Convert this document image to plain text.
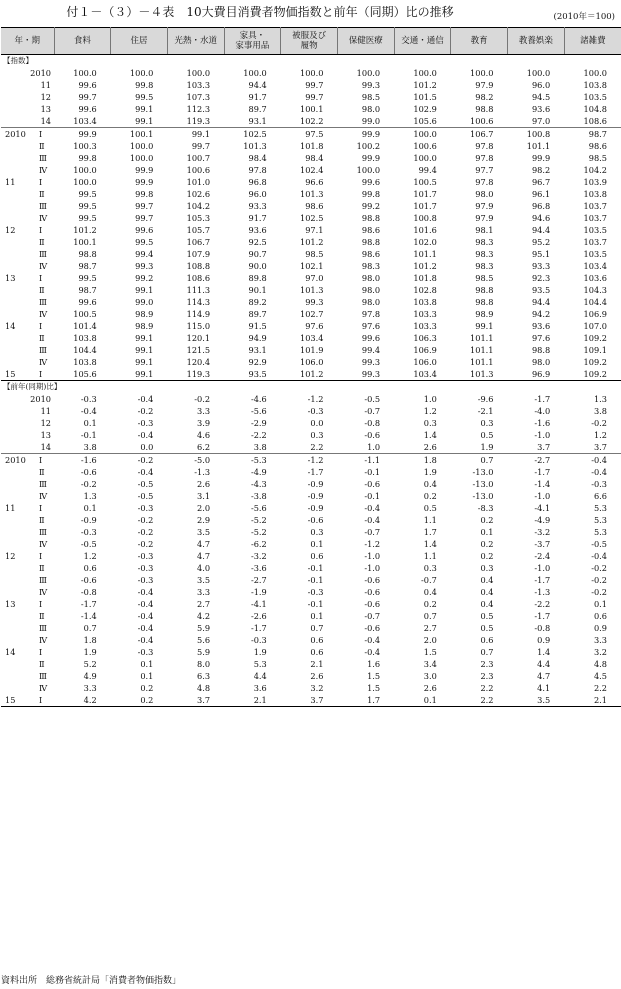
付１－（３）－４表　10大費目消費者物価指数と前年（同期）比の推移	(2010年＝100)
年・期	食料	住居	光熱・水道	家具・
家事用品	被服及び
履物	保健医療	交通・通信	教育	教養娯楽	諸雑費
【指数】										

2010	100.0	100.0	100.0	100.0	100.0	100.0	100.0	100.0	100.0	100.0

11	99.6	99.8	103.3	94.4	99.7	99.3	101.2	97.9	96.0	103.8

12	99.7	99.5	107.3	91.7	99.7	98.5	101.5	98.2	94.5	103.5

13	99.6	99.1	112.3	89.7	100.1	98.0	102.9	98.8	93.6	104.8

14	103.4	99.1	119.3	93.1	102.2	99.0	105.6	100.6	97.0	108.6

2010 Ⅰ	99.9	100.1	99.1	102.5	97.5	99.9	100.0	106.7	100.8	98.7

Ⅱ	100.3	100.0	99.7	101.3	101.8	100.2	100.6	97.8	101.1	98.6

Ⅲ	99.8	100.0	100.7	98.4	98.4	99.9	100.0	97.8	99.9	98.5

Ⅳ	100.0	99.9	100.6	97.8	102.4	100.0	99.4	97.7	98.2	104.2

11 Ⅰ	100.0	99.9	101.0	96.8	96.6	99.6	100.5	97.8	96.7	103.9

Ⅱ	99.5	99.8	102.6	96.0	101.3	99.8	101.7	98.0	96.1	103.8

Ⅲ	99.5	99.7	104.2	93.3	98.6	99.2	101.7	97.9	96.8	103.7

Ⅳ	99.5	99.7	105.3	91.7	102.5	98.8	100.8	97.9	94.6	103.7

12 Ⅰ	101.2	99.6	105.7	93.6	97.1	98.6	101.6	98.1	94.4	103.5

Ⅱ	100.1	99.5	106.7	92.5	101.2	98.8	102.0	98.3	95.2	103.7

Ⅲ	98.8	99.4	107.9	90.7	98.5	98.6	101.1	98.3	95.1	103.5

Ⅳ	98.7	99.3	108.8	90.0	102.1	98.3	101.2	98.3	93.3	103.4

13 Ⅰ	99.5	99.2	108.6	89.8	97.0	98.0	101.8	98.5	92.3	103.6

Ⅱ	98.7	99.1	111.3	90.1	101.3	98.0	102.8	98.8	93.5	104.3

Ⅲ	99.6	99.0	114.3	89.2	99.3	98.0	103.8	98.8	94.4	104.4

Ⅳ	100.5	98.9	114.9	89.7	102.7	97.8	103.3	98.9	94.2	106.9

14 Ⅰ	101.4	98.9	115.0	91.5	97.6	97.6	103.3	99.1	93.6	107.0

Ⅱ	103.8	99.1	120.1	94.9	103.4	99.6	106.3	101.1	97.6	109.2

Ⅲ	104.4	99.1	121.5	93.1	101.9	99.4	106.9	101.1	98.8	109.1

Ⅳ	103.8	99.1	120.4	92.9	106.0	99.3	106.0	101.1	98.0	109.2

15 Ⅰ	105.6	99.1	119.3	93.5	101.2	99.3	103.4	101.3	96.9	109.2
【前年(同期)比】										

2010	-0.3	-0.4	-0.2	-4.6	-1.2	-0.5	1.0	-9.6	-1.7	1.3

11	-0.4	-0.2	3.3	-5.6	-0.3	-0.7	1.2	-2.1	-4.0	3.8

12	0.1	-0.3	3.9	-2.9	0.0	-0.8	0.3	0.3	-1.6	-0.2

13	-0.1	-0.4	4.6	-2.2	0.3	-0.6	1.4	0.5	-1.0	1.2

14	3.8	0.0	6.2	3.8	2.2	1.0	2.6	1.9	3.7	3.7

2010 Ⅰ	-1.6	-0.2	-5.0	-5.3	-1.2	-1.1	1.8	0.7	-2.7	-0.4

Ⅱ	-0.6	-0.4	-1.3	-4.9	-1.7	-0.1	1.9	-13.0	-1.7	-0.4

Ⅲ	-0.2	-0.5	2.6	-4.3	-0.9	-0.6	0.4	-13.0	-1.4	-0.3

Ⅳ	1.3	-0.5	3.1	-3.8	-0.9	-0.1	0.2	-13.0	-1.0	6.6

11 Ⅰ	0.1	-0.3	2.0	-5.6	-0.9	-0.4	0.5	-8.3	-4.1	5.3

Ⅱ	-0.9	-0.2	2.9	-5.2	-0.6	-0.4	1.1	0.2	-4.9	5.3

Ⅲ	-0.3	-0.2	3.5	-5.2	0.3	-0.7	1.7	0.1	-3.2	5.3

Ⅳ	-0.5	-0.2	4.7	-6.2	0.1	-1.2	1.4	0.2	-3.7	-0.5

12 Ⅰ	1.2	-0.3	4.7	-3.2	0.6	-1.0	1.1	0.2	-2.4	-0.4

Ⅱ	0.6	-0.3	4.0	-3.6	-0.1	-1.0	0.3	0.3	-1.0	-0.2

Ⅲ	-0.6	-0.3	3.5	-2.7	-0.1	-0.6	-0.7	0.4	-1.7	-0.2

Ⅳ	-0.8	-0.4	3.3	-1.9	-0.3	-0.6	0.4	0.4	-1.3	-0.2

13 Ⅰ	-1.7	-0.4	2.7	-4.1	-0.1	-0.6	0.2	0.4	-2.2	0.1

Ⅱ	-1.4	-0.4	4.2	-2.6	0.1	-0.7	0.7	0.5	-1.7	0.6

Ⅲ	0.7	-0.4	5.9	-1.7	0.7	-0.6	2.7	0.5	-0.8	0.9

Ⅳ	1.8	-0.4	5.6	-0.3	0.6	-0.4	2.0	0.6	0.9	3.3

14 Ⅰ	1.9	-0.3	5.9	1.9	0.6	-0.4	1.5	0.7	1.4	3.2

Ⅱ	5.2	0.1	8.0	5.3	2.1	1.6	3.4	2.3	4.4	4.8

Ⅲ	4.9	0.1	6.3	4.4	2.6	1.5	3.0	2.3	4.7	4.5

Ⅳ	3.3	0.2	4.8	3.6	3.2	1.5	2.6	2.2	4.1	2.2

15 Ⅰ	4.2	0.2	3.7	2.1	3.7	1.7	0.1	2.2	3.5	2.1
資料出所　総務省統計局「消費者物価指数」
